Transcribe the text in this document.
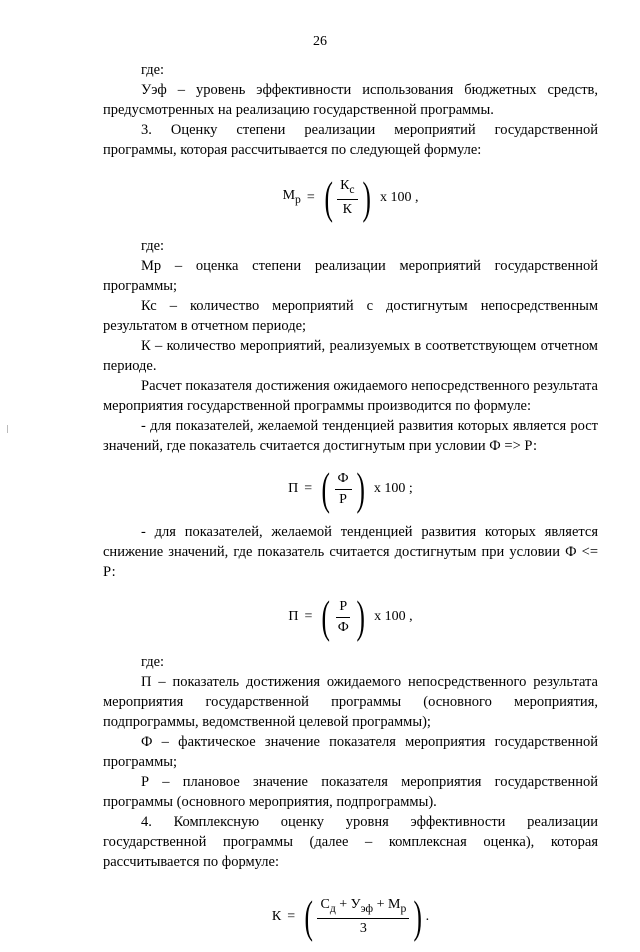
26

где:

Уэф – уровень эффективности использования бюджетных средств, предусмотренных на реализацию государственной программы.

3. Оценку степени реализации мероприятий государственной программы, которая рассчитывается по следующей формуле:

$М_р$ = ( $\frac{К_с}{К}$ ) х 100 ,

где:

Мр – оценка степени реализации мероприятий государственной программы;

Кс – количество мероприятий с достигнутым непосредственным результатом в отчетном периоде;

К – количество мероприятий, реализуемых в соответствующем отчетном периоде.

Расчет показателя достижения ожидаемого непосредственного результата мероприятия государственной программы производится по формуле:

- для показателей, желаемой тенденцией развития которых является рост значений, где показатель считается достигнутым при условии Ф => Р:

П = ( $\frac{Ф}{Р}$ ) х 100 ;

- для показателей, желаемой тенденцией развития которых является снижение значений, где показатель считается достигнутым при условии Ф <= Р:

П = ( $\frac{Р}{Ф}$ ) х 100 ,

где:

П – показатель достижения ожидаемого непосредственного результата мероприятия государственной программы (основного мероприятия, подпрограммы, ведомственной целевой программы);

Ф – фактическое значение показателя мероприятия государственной программы;

Р – плановое значение показателя мероприятия государственной программы (основного мероприятия, подпрограммы).

4. Комплексную оценку уровня эффективности реализации государственной программы (далее – комплексная оценка), которая рассчитывается по формуле:

К = ( $\frac{С_д + У_{эф} + М_р}{3}$ ) .
